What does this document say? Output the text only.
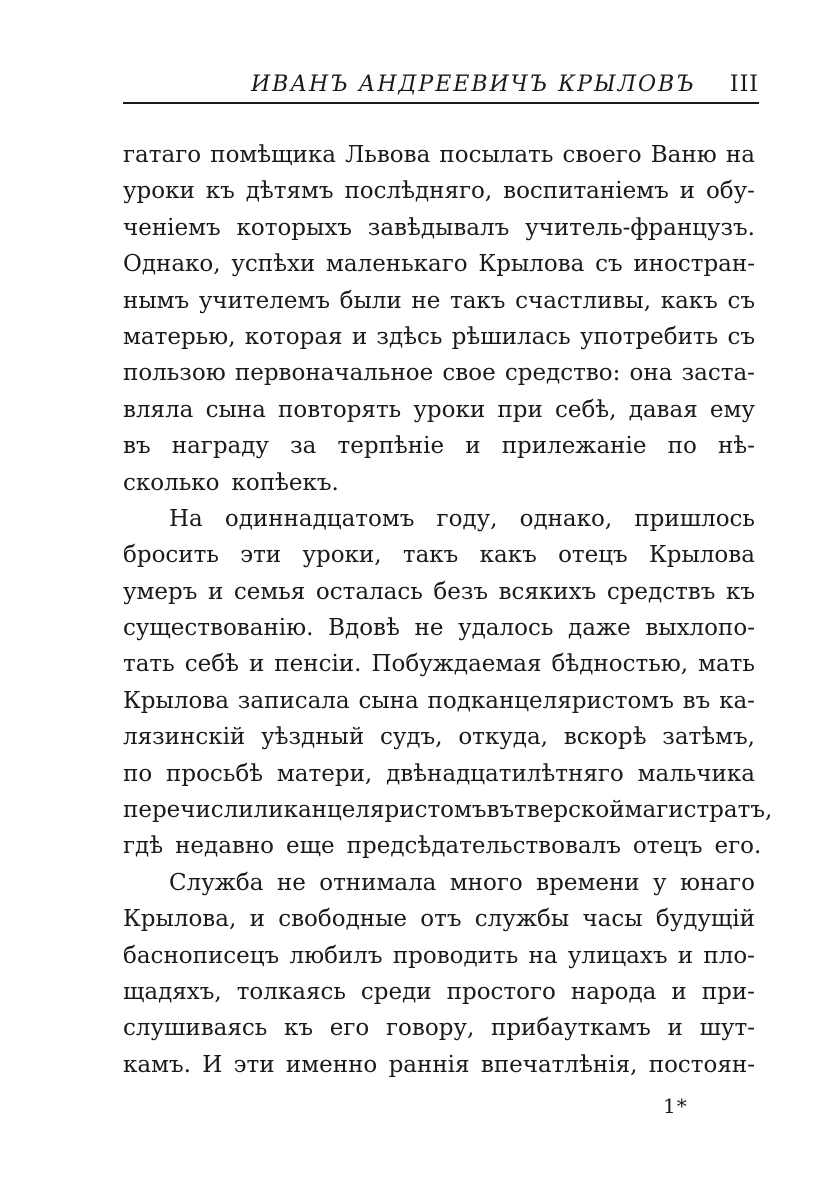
ИВАНЪ АНДРЕЕВИЧЪ КРЫЛОВЪ III
гатаго помѣщика Львова посылать своего Ваню на
уроки къ дѣтямъ послѣдняго, воспитаніемъ и обу-
ченіемъ которыхъ завѣдывалъ учитель-французъ.
Однако, успѣхи маленькаго Крылова съ иностран-
нымъ учителемъ были не такъ счастливы, какъ съ
матерью, которая и здѣсь рѣшилась употребить съ
пользою первоначальное свое средство: она заста-
вляла сына повторять уроки при себѣ, давая ему
въ награду за терпѣніе и прилежаніе по нѣ-
сколько копѣекъ.
На одиннадцатомъ году, однако, пришлось
бросить эти уроки, такъ какъ отецъ Крылова
умеръ и семья осталась безъ всякихъ средствъ къ
существованію. Вдовѣ не удалось даже выхлопо-
тать себѣ и пенсіи. Побуждаемая бѣдностью, мать
Крылова записала сына подканцеляристомъ въ ка-
лязинскій уѣздный судъ, откуда, вскорѣ затѣмъ,
по просьбѣ матери, двѣнадцатилѣтняго мальчика
перечислили канцеляристомъ въ тверской магистратъ,
гдѣ недавно еще предсѣдательствовалъ отецъ его.
Служба не отнимала много времени у юнаго
Крылова, и свободные отъ службы часы будущій
баснописецъ любилъ проводить на улицахъ и пло-
щадяхъ, толкаясь среди простого народа и при-
слушиваясь къ его говору, прибауткамъ и шут-
камъ. И эти именно раннія впечатлѣнія, постоян-
1*
